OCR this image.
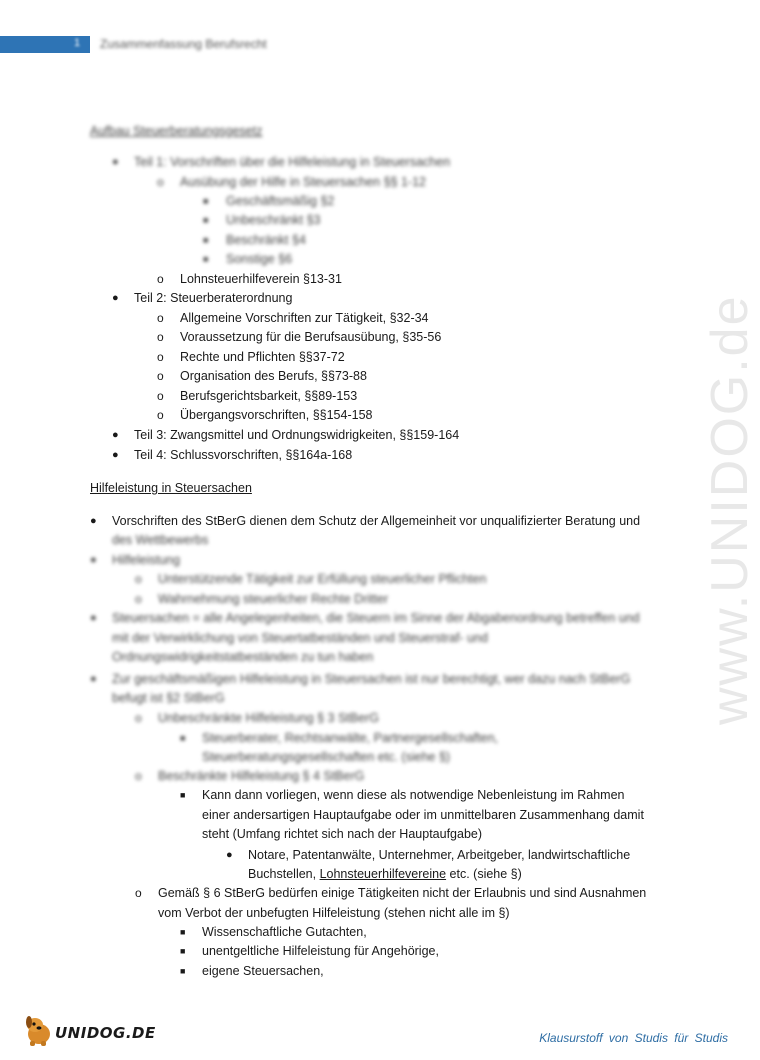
1 Zusammenfassung Berufsrecht
www.UNIDOG.de
Aufbau Steuerberatungsgesetz
● Teil 1: Vorschriften über die Hilfeleistung in Steuersachen
o Ausübung der Hilfe in Steuersachen §§ 1-12
■ Geschäftsmäßig §2
■ Unbeschränkt §3
■ Beschränkt §4
■ Sonstige §6
o Lohnsteuerhilfeverein §13-31
● Teil 2: Steuerberaterordnung
o Allgemeine Vorschriften zur Tätigkeit, §32-34
o Voraussetzung für die Berufsausübung, §35-56
o Rechte und Pflichten §§37-72
o Organisation des Berufs, §§73-88
o Berufsgerichtsbarkeit, §§89-153
o Übergangsvorschriften, §§154-158
● Teil 3: Zwangsmittel und Ordnungswidrigkeiten, §§159-164
● Teil 4: Schlussvorschriften, §§164a-168
Hilfeleistung in Steuersachen
● Vorschriften des StBerG dienen dem Schutz der Allgemeinheit vor unqualifizierter Beratung und
des Wettbewerbs
● Hilfeleistung
o Unterstützende Tätigkeit zur Erfüllung steuerlicher Pflichten
o Wahrnehmung steuerlicher Rechte Dritter
● Steuersachen = alle Angelegenheiten, die Steuern im Sinne der Abgabenordnung betreffen und
mit der Verwirklichung von Steuertatbeständen und Steuerstraf- und
Ordnungswidrigkeitstatbeständen zu tun haben
● Zur geschäftsmäßigen Hilfeleistung in Steuersachen ist nur berechtigt, wer dazu nach StBerG
befugt ist §2 StBerG
o Unbeschränkte Hilfeleistung § 3 StBerG
■ Steuerberater, Rechtsanwälte, Partnergesellschaften,
Steuerberatungsgesellschaften etc. (siehe §)
o Beschränkte Hilfeleistung § 4 StBerG
■ Kann dann vorliegen, wenn diese als notwendige Nebenleistung im Rahmen
einer andersartigen Hauptaufgabe oder im unmittelbaren Zusammenhang damit
steht (Umfang richtet sich nach der Hauptaufgabe)
● Notare, Patentanwälte, Unternehmer, Arbeitgeber, landwirtschaftliche
Buchstellen, Lohnsteuerhilfevereine etc. (siehe §)
o Gemäß § 6 StBerG bedürfen einige Tätigkeiten nicht der Erlaubnis und sind Ausnahmen
vom Verbot der unbefugten Hilfeleistung (stehen nicht alle im §)
■ Wissenschaftliche Gutachten,
■ unentgeltliche Hilfeleistung für Angehörige,
■ eigene Steuersachen,
UNIDOG.DE	Klausurstoff von Studis für Studis
